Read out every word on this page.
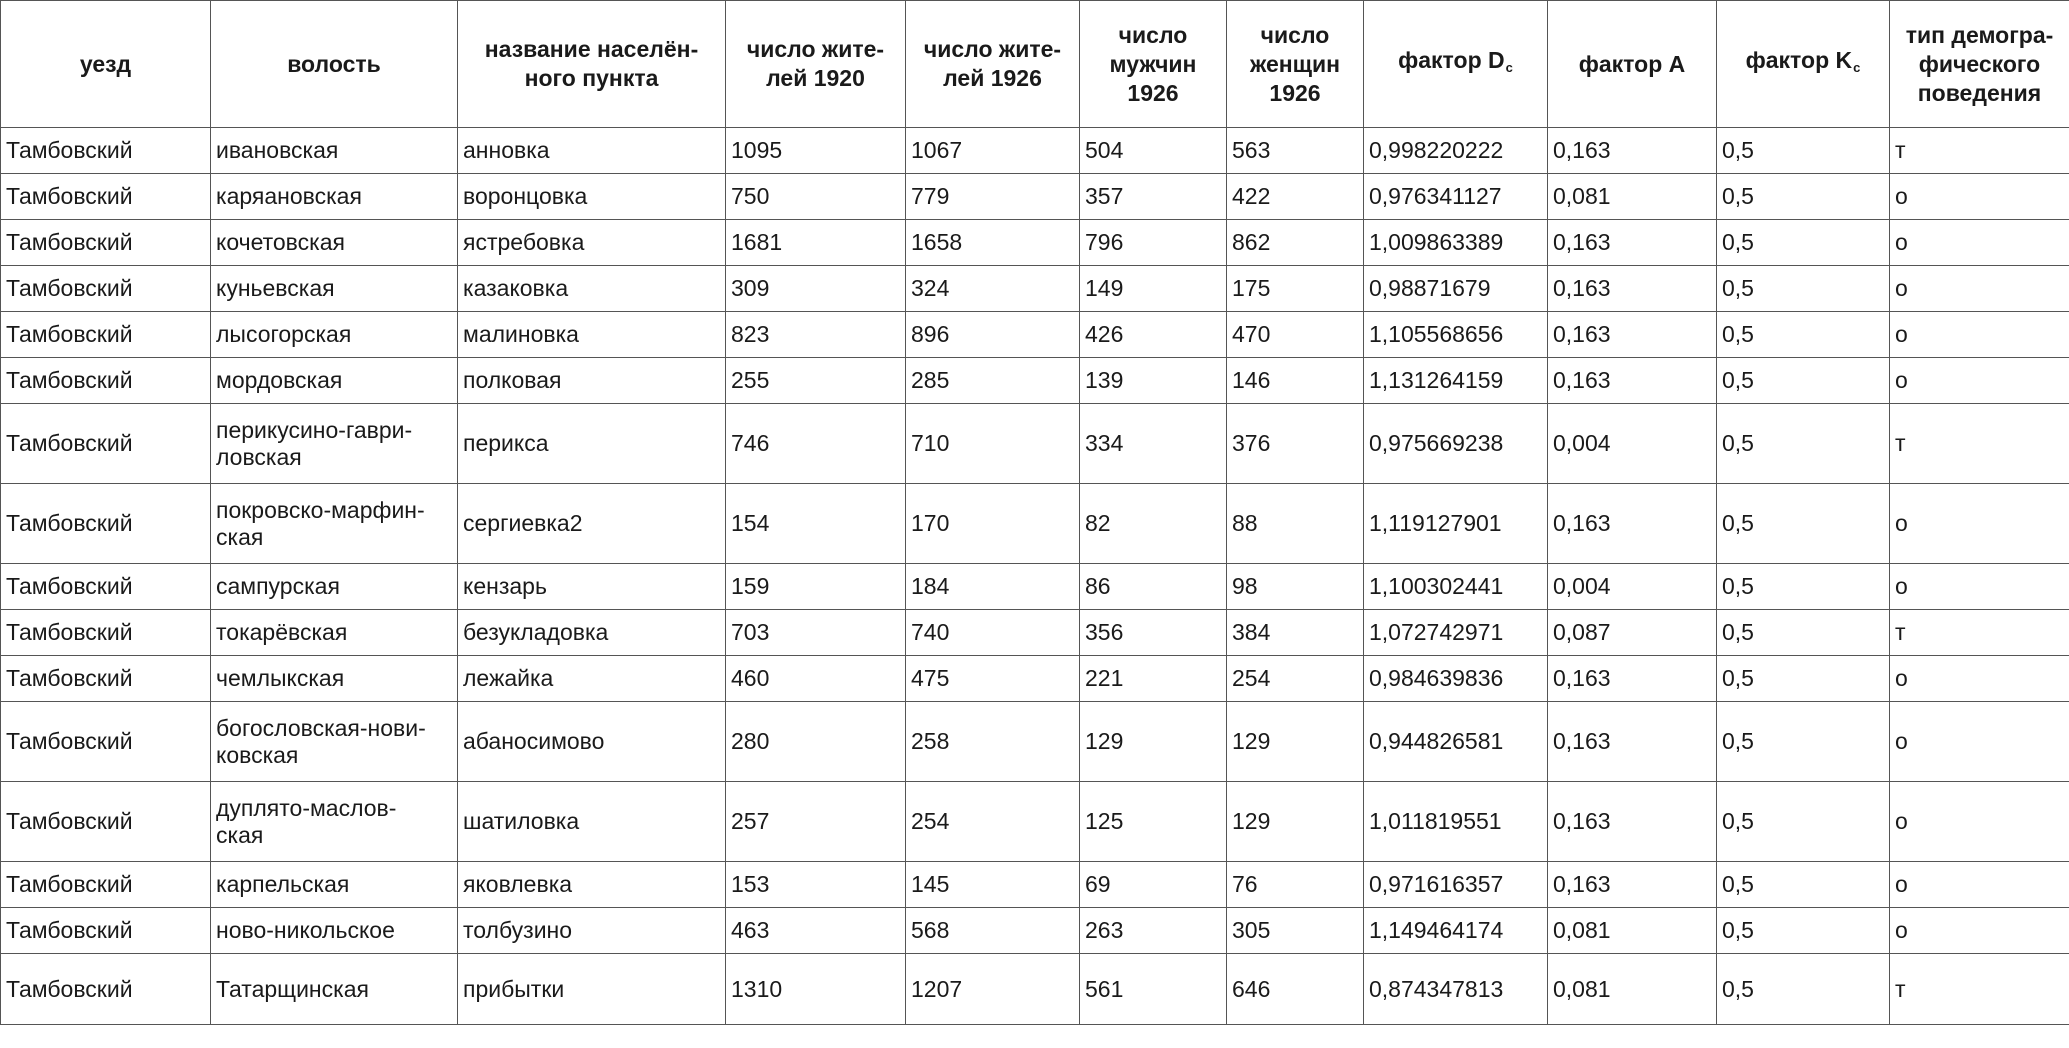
уезд	волость	название населён-
ного пункта	число жите-
лей 1920	число жите-
лей 1926	число
мужчин
1926	число
женщин
1926	фактор $D_c$	фактор A	фактор $K_c$	тип демогра-
фического
поведения
Тамбовский	ивановская	анновка	1095	1067	504	563	0,998220222	0,163	0,5	т
Тамбовский	каряановская	воронцовка	750	779	357	422	0,976341127	0,081	0,5	о
Тамбовский	кочетовская	ястребовка	1681	1658	796	862	1,009863389	0,163	0,5	о
Тамбовский	куньевская	казаковка	309	324	149	175	0,98871679	0,163	0,5	о
Тамбовский	лысогорская	малиновка	823	896	426	470	1,105568656	0,163	0,5	о
Тамбовский	мордовская	полковая	255	285	139	146	1,131264159	0,163	0,5	о
Тамбовский	перикусино-гаври-
ловская	перикса	746	710	334	376	0,975669238	0,004	0,5	т
Тамбовский	покровско-марфин-
ская	сергиевка2	154	170	82	88	1,119127901	0,163	0,5	о
Тамбовский	сампурская	кензарь	159	184	86	98	1,100302441	0,004	0,5	о
Тамбовский	токарёвская	безукладовка	703	740	356	384	1,072742971	0,087	0,5	т
Тамбовский	чемлыкская	лежайка	460	475	221	254	0,984639836	0,163	0,5	о
Тамбовский	богословская-нови-
ковская	абаносимово	280	258	129	129	0,944826581	0,163	0,5	о
Тамбовский	дуплято-маслов-
ская	шатиловка	257	254	125	129	1,011819551	0,163	0,5	о
Тамбовский	карпельская	яковлевка	153	145	69	76	0,971616357	0,163	0,5	о
Тамбовский	ново-никольское	толбузино	463	568	263	305	1,149464174	0,081	0,5	о
Тамбовский	Татарщинская	прибытки	1310	1207	561	646	0,874347813	0,081	0,5	т
